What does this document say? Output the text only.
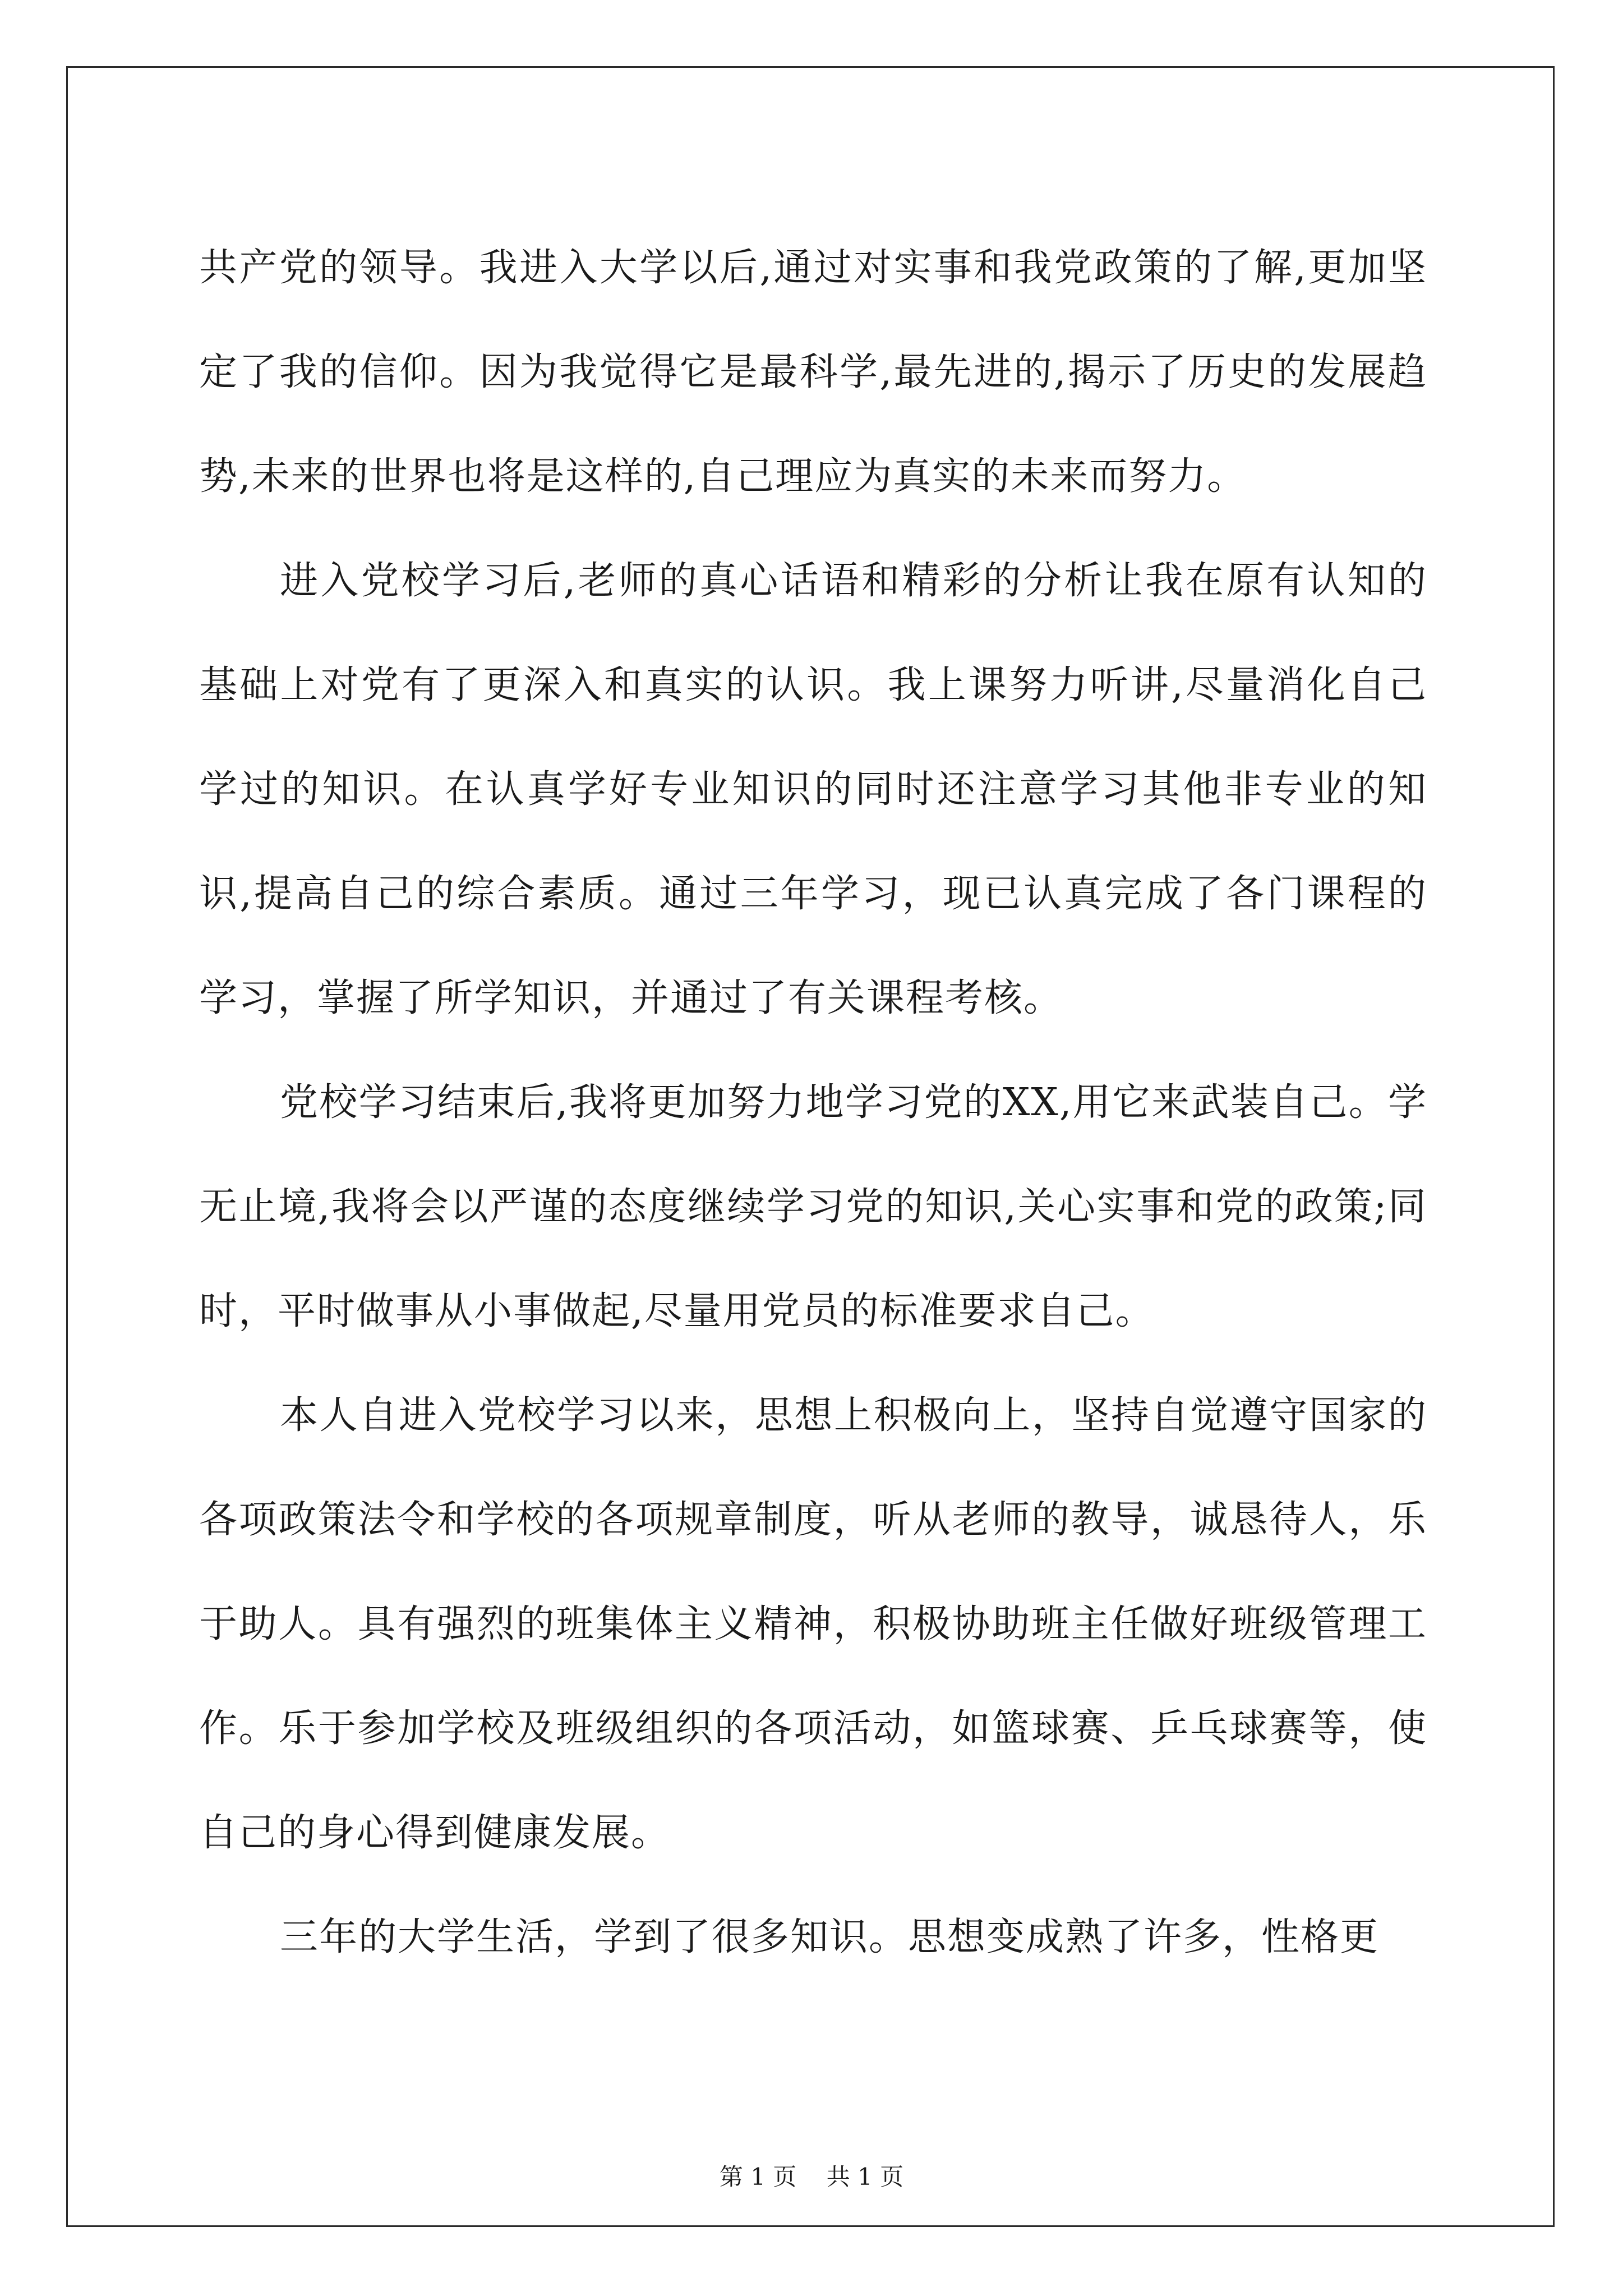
共产党的领导。我进入大学以后,通过对实事和我党政策的了解,更加坚定了我的信仰。因为我觉得它是最科学,最先进的,揭示了历史的发展趋势,未来的世界也将是这样的,自己理应为真实的未来而努力。

进入党校学习后,老师的真心话语和精彩的分析让我在原有认知的基础上对党有了更深入和真实的认识。我上课努力听讲,尽量消化自己学过的知识。在认真学好专业知识的同时还注意学习其他非专业的知识,提高自己的综合素质。通过三年学习，现已认真完成了各门课程的学习，掌握了所学知识，并通过了有关课程考核。

党校学习结束后,我将更加努力地学习党的XX,用它来武装自己。学无止境,我将会以严谨的态度继续学习党的知识,关心实事和党的政策;同时，平时做事从小事做起,尽量用党员的标准要求自己。

本人自进入党校学习以来，思想上积极向上，坚持自觉遵守国家的各项政策法令和学校的各项规章制度，听从老师的教导，诚恳待人，乐于助人。具有强烈的班集体主义精神，积极协助班主任做好班级管理工作。乐于参加学校及班级组织的各项活动，如篮球赛、乒乓球赛等，使自己的身心得到健康发展。

三年的大学生活，学到了很多知识。思想变成熟了许多，性格更

第 1 页    共 1 页
